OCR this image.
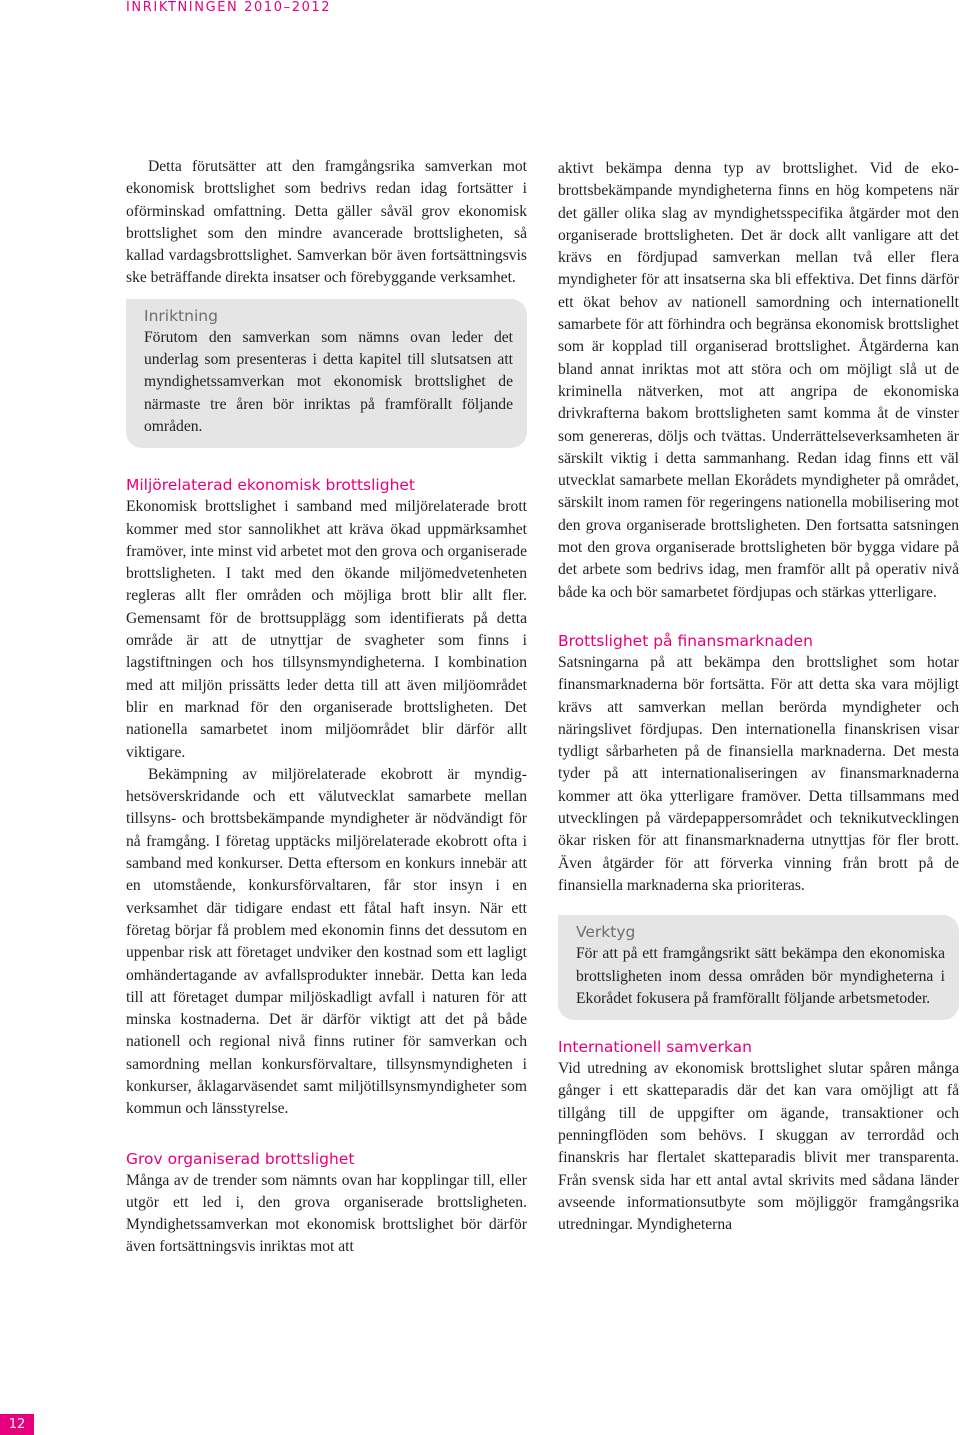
INRIKTNINGEN 2010–2012

Detta förutsätter att den framgångsrika samverkan mot ekonomisk brottslighet som bedrivs redan idag fortsätter i oförminskad omfattning. Detta gäller såväl grov ekonomisk brottslighet som den mindre avancerade brottsligheten, så kallad vardagsbrottslighet. Samverkan bör även fortsättningsvis ske beträffande direkta insatser och förebyggande verksamhet.

Inriktning

Förutom den samverkan som nämns ovan leder det underlag som presenteras i detta kapitel till slutsatsen att myndighetssamverkan mot ekonomisk brottslighet de närmaste tre åren bör inriktas på framförallt följande områden.

Miljörelaterad ekonomisk brottslighet

Ekonomisk brottslighet i samband med miljörelaterade brott kommer med stor sannolikhet att kräva ökad uppmärksamhet framöver, inte minst vid arbetet mot den grova och organiserade brottsligheten. I takt med den ökande miljömedvetenheten regleras allt fler områden och möjliga brott blir allt fler. Gemensamt för de brottsupplägg som identifierats på detta område är att de utnyttjar de svagheter som finns i lagstiftningen och hos tillsynsmyndigheterna. I kombination med att miljön prissätts leder detta till att även miljöområdet blir en marknad för den organiserade brottsligheten. Det nationella samarbetet inom miljöområdet blir därför allt viktigare.

Bekämpning av miljörelaterade ekobrott är myndighetsöverskridande och ett välutvecklat samarbete mellan tillsyns- och brottsbekämpande myndigheter är nödvändigt för nå framgång. I företag upptäcks miljörelaterade ekobrott ofta i samband med konkurser. Detta eftersom en konkurs innebär att en utomstående, konkursförvaltaren, får stor insyn i en verksamhet där tidigare endast ett fåtal haft insyn. När ett företag börjar få problem med ekonomin finns det dessutom en uppenbar risk att företaget undviker den kostnad som ett lagligt omhändertagande av avfallsprodukter innebär. Detta kan leda till att företaget dumpar miljöskadligt avfall i naturen för att minska kostnaderna. Det är därför viktigt att det på både nationell och regional nivå finns rutiner för samverkan och samordning mellan konkursförvaltare, tillsynsmyndigheten i konkurser, åklagarväsendet samt miljötillsynsmyndigheter som kommun och länsstyrelse.

Grov organiserad brottslighet

Många av de trender som nämnts ovan har kopplingar till, eller utgör ett led i, den grova organiserade brottsligheten. Myndighetssamverkan mot ekonomisk brottslighet bör därför även fortsättningsvis inriktas mot att

aktivt bekämpa denna typ av brottslighet. Vid de ekobrottsbekämpande myndigheterna finns en hög kompetens när det gäller olika slag av myndighetsspecifika åtgärder mot den organiserade brottsligheten. Det är dock allt vanligare att det krävs en fördjupad samverkan mellan två eller flera myndigheter för att insatserna ska bli effektiva. Det finns därför ett ökat behov av nationell samordning och internationellt samarbete för att förhindra och begränsa ekonomisk brottslighet som är kopplad till organiserad brottslighet. Åtgärderna kan bland annat inriktas mot att störa och om möjligt slå ut de kriminella nätverken, mot att angripa de ekonomiska drivkrafterna bakom brottsligheten samt komma åt de vinster som genereras, döljs och tvättas. Underrättelseverksamheten är särskilt viktig i detta sammanhang. Redan idag finns ett väl utvecklat samarbete mellan Ekorådets myndigheter på området, särskilt inom ramen för regeringens nationella mobilisering mot den grova organiserade brottsligheten. Den fortsatta satsningen mot den grova organiserade brottsligheten bör bygga vidare på det arbete som bedrivs idag, men framför allt på operativ nivå både ka och bör samarbetet fördjupas och stärkas ytterligare.

Brottslighet på finansmarknaden

Satsningarna på att bekämpa den brottslighet som hotar finansmarknaderna bör fortsätta. För att detta ska vara möjligt krävs att samverkan mellan berörda myndigheter och näringslivet fördjupas. Den internationella finanskrisen visar tydligt sårbarheten på de finansiella marknaderna. Det mesta tyder på att internationaliseringen av finansmarknaderna kommer att öka ytterligare framöver. Detta tillsammans med utvecklingen på värdepappersområdet och teknikutvecklingen ökar risken för att finansmarknaderna utnyttjas för fler brott. Även åtgärder för att förverka vinning från brott på de finansiella marknaderna ska prioriteras.

Verktyg

För att på ett framgångsrikt sätt bekämpa den ekonomiska brottsligheten inom dessa områden bör myndigheterna i Ekorådet fokusera på framförallt följande arbetsmetoder.

Internationell samverkan

Vid utredning av ekonomisk brottslighet slutar spåren många gånger i ett skatteparadis där det kan vara omöjligt att få tillgång till de uppgifter om ägande, transaktioner och penningflöden som behövs. I skuggan av terrordåd och finanskris har flertalet skatteparadis blivit mer transparenta. Från svensk sida har ett antal avtal skrivits med sådana länder avseende informationsutbyte som möjliggör framgångsrika utredningar. Myndigheterna

12
